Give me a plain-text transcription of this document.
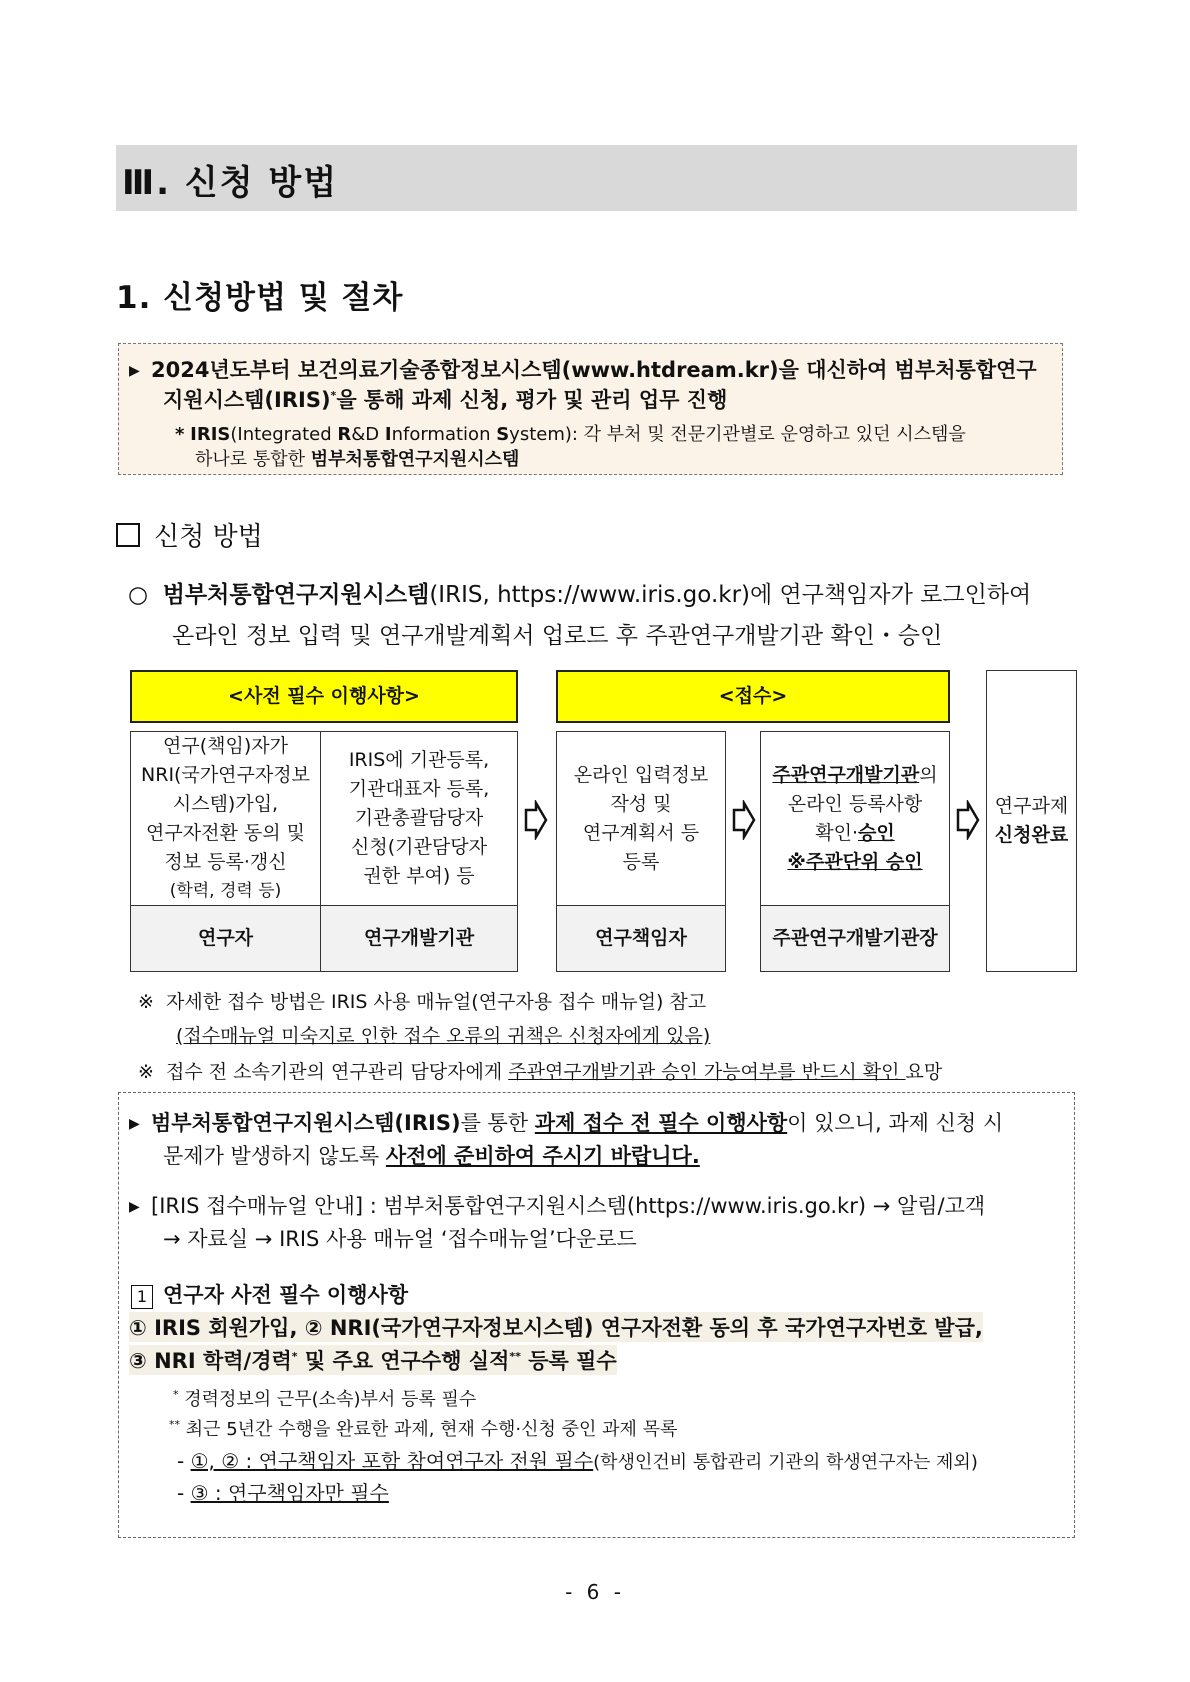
Ⅲ. 신청 방법
1. 신청방법 및 절차
▶ 2024년도부터 보건의료기술종합정보시스템(www.htdream.kr)을 대신하여 범부처통합연구
지원시스템(IRIS)*을 통해 과제 신청, 평가 및 관리 업무 진행
* IRIS(Integrated R&D Information System): 각 부처 및 전문기관별로 운영하고 있던 시스템을
하나로 통합한 범부처통합연구지원시스템
신청 방법
○ 범부처통합연구지원시스템(IRIS, https://www.iris.go.kr)에 연구책임자가 로그인하여
온라인 정보 입력 및 연구개발계획서 업로드 후 주관연구개발기관 확인・승인
<사전 필수 이행사항>	<접수>
연구(책임)자가
NRI(국가연구자정보
시스템)가입,
연구자전환 동의 및
정보 등록·갱신
(학력, 경력 등)
IRIS에 기관등록,
기관대표자 등록,
기관총괄담당자
신청(기관담당자
권한 부여) 등
연구자	연구개발기관
온라인 입력정보
작성 및
연구계획서 등
등록
연구책임자
주관연구개발기관의
온라인 등록사항
확인·승인
※주관단위 승인
주관연구개발기관장
연구과제
신청완료
※ 자세한 접수 방법은 IRIS 사용 매뉴얼(연구자용 접수 매뉴얼) 참고
(접수매뉴얼 미숙지로 인한 접수 오류의 귀책은 신청자에게 있음)
※ 접수 전 소속기관의 연구관리 담당자에게 주관연구개발기관 승인 가능여부를 반드시 확인 요망
▶ 범부처통합연구지원시스템(IRIS)를 통한 과제 접수 전 필수 이행사항이 있으니, 과제 신청 시
문제가 발생하지 않도록 사전에 준비하여 주시기 바랍니다.
▶ [IRIS 접수매뉴얼 안내] : 범부처통합연구지원시스템(https://www.iris.go.kr) → 알림/고객
→ 자료실 → IRIS 사용 매뉴얼 ‘접수매뉴얼’다운로드
1 연구자 사전 필수 이행사항
① IRIS 회원가입, ② NRI(국가연구자정보시스템) 연구자전환 동의 후 국가연구자번호 발급,
③ NRI 학력/경력* 및 주요 연구수행 실적** 등록 필수
* 경력정보의 근무(소속)부서 등록 필수
** 최근 5년간 수행을 완료한 과제, 현재 수행·신청 중인 과제 목록
- ①, ② : 연구책임자 포함 참여연구자 전원 필수(학생인건비 통합관리 기관의 학생연구자는 제외)
- ③ : 연구책임자만 필수
- 6 -
